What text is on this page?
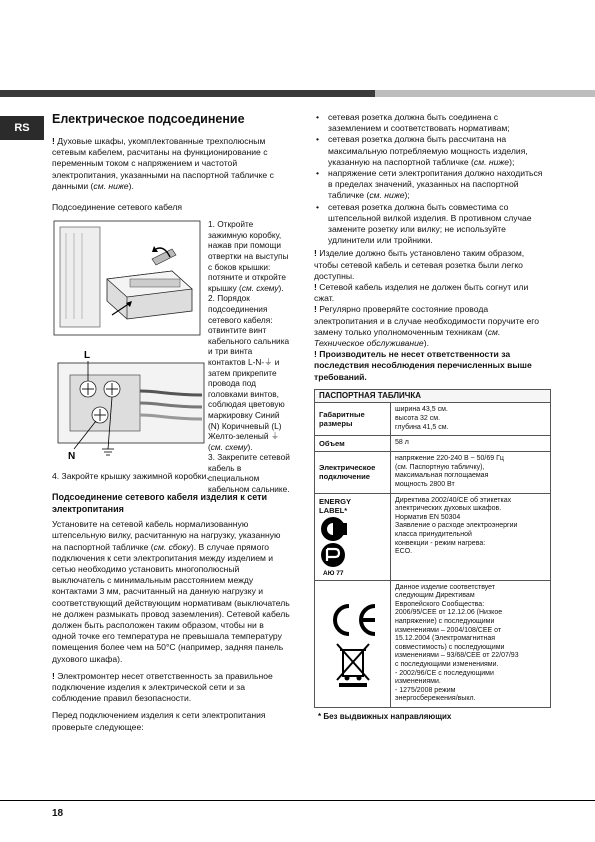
RS
Електрическое подсоединение

! Духовые шкафы, укомплектованные трехполюсным сетевым кабелем, расчитаны на функционирование с переменным током с напряжением и частотой электропитания, указанными на паспортной табличке с данными (см. ниже).

Подсоединение сетевого кабеля

L
N

1. Откройте зажимную коробку, нажав при помощи отвертки на выступы с боков крышки: потяните и откройте крышку (см. схему).

2. Порядок подсоединения сетевого кабеля: отвинтите винт кабельного сальника и три винта контактов L-N-⏚ и затем прикрепите провода под головками винтов, соблюдая цветовую маркировку Синий (N) Коричневый (L) Желто-зеленый ⏚ (см. схему).

3. Закрепите сетевой кабель в специальном кабельном сальнике.

4. Закройте крышку зажимной коробки.

Подсоединение сетевого кабеля изделия к сети электропитания

Установите на сетевой кабель нормализованную штепсельную вилку, расчитанную на нагрузку, указанную на паспортной табличке (см. сбоку). В случае прямого подключения к сети электропитания между изделием и сетью необходимо установить многополюсный выключатель с минимальным расстоянием между контактами 3 мм, расчитанный на данную нагрузку и соответствующий действующим нормативам (выключатель не должен размыкать провод заземления). Сетевой кабель должен быть расположен таким образом, чтобы ни в одной точке его температура не превышала температуру помещения более чем на 50°С (например, задняя панель духового шкафа).

! Электромонтер несет ответственность за правильное подключение изделия к электрической сети и за соблюдение правил безопасности.

Перед подключением изделия к сети электропитания проверьте следующее:

• сетевая розетка должна быть соединена с заземлением и соответствовать нормативам;
• сетевая розетка должна быть рассчитана на максимальную потребляемую мощность изделия, указанную на паспортной табличке (см. ниже);
• напряжение сети электропитания должно находиться в пределах значений, указанных на паспортной табличке (см. ниже);
• сетевая розетка должна быть совместима со штепсельной вилкой изделия. В противном случае замените розетку или вилку; не используйте удлинители или тройники.

! Изделие должно быть установлено таким образом, чтобы сетевой кабель и сетевая розетка были легко доступны.

! Сетевой кабель изделия не должен быть согнут или сжат.

! Регулярно проверяйте состояние провода электропитания и в случае необходимости поручите его замену только уполномоченным техникам (см. Техническое обслуживание).

! Производитель не несет ответственности за последствия несоблюдения перечисленных выше требований.

ПАСПОРТНАЯ ТАБЛИЧКА
Габаритные размеры
ширина 43,5 см.
высота 32 см.
глубина 41,5 см.
Объем	58 л
Электрическое подключение
напряжение 220-240 В ~ 50/69 Гц
(см. Паспортную табличку),
максимальная поглощаемая
мощность 2800 Вт
ENERGY
LABEL*
АЮ 77
Директива 2002/40/CE об этикетках
электрических духовых шкафов.
Норматив EN 50304
Заявление о расходе электроэнергии
класса принудительной
конвекции - режим нагрева:
ECO.
Данное изделие соответствует
следующим Директивам
Европейского Сообщества:
2006/95/CEE от 12.12.06 (Низкое
напряжение) с последующими
изменениями – 2004/108/CEE от
15.12.2004 (Электромагнитная
совместимость) с последующими
изменениями – 93/68/CEE от 22/07/93
с последующими изменениями.
- 2002/96/CE с последующими
изменениями.
- 1275/2008 режим
энергосбережения/выкл.
* Без выдвижных направляющих
18
